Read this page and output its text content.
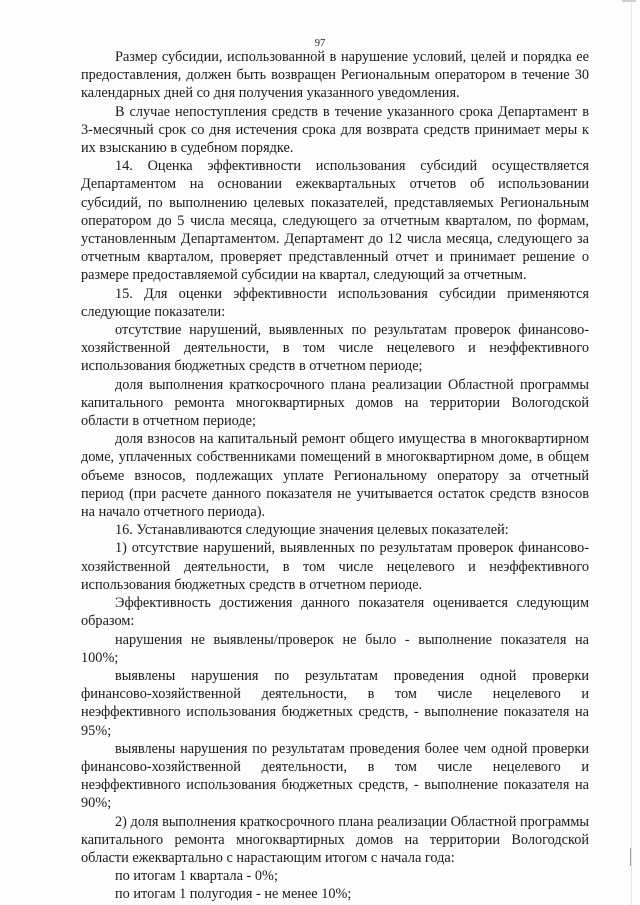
97

Размер субсидии, использованной в нарушение условий, целей и порядка ее предоставления, должен быть возвращен Региональным оператором в течение 30 календарных дней со дня получения указанного уведомления.

В случае непоступления средств в течение указанного срока Департамент в 3-месячный срок со дня истечения срока для возврата средств принимает меры к их взысканию в судебном порядке.

14. Оценка эффективности использования субсидий осуществляется Департаментом на основании ежеквартальных отчетов об использовании субсидий, по выполнению целевых показателей, представляемых Региональным оператором до 5 числа месяца, следующего за отчетным кварталом, по формам, установленным Департаментом. Департамент до 12 числа месяца, следующего за отчетным кварталом, проверяет представленный отчет и принимает решение о размере предоставляемой субсидии на квартал, следующий за отчетным.

15. Для оценки эффективности использования субсидии применяются следующие показатели:

отсутствие нарушений, выявленных по результатам проверок финансово-хозяйственной деятельности, в том числе нецелевого и неэффективного использования бюджетных средств в отчетном периоде;

доля выполнения краткосрочного плана реализации Областной программы капитального ремонта многоквартирных домов на территории Вологодской области в отчетном периоде;

доля взносов на капитальный ремонт общего имущества в многоквартирном доме, уплаченных собственниками помещений в многоквартирном доме, в общем объеме взносов, подлежащих уплате Региональному оператору за отчетный период (при расчете данного показателя не учитывается остаток средств взносов на начало отчетного периода).

16. Устанавливаются следующие значения целевых показателей:

1) отсутствие нарушений, выявленных по результатам проверок финансово-хозяйственной деятельности, в том числе нецелевого и неэффективного использования бюджетных средств в отчетном периоде.

Эффективность достижения данного показателя оценивается следующим образом:

нарушения не выявлены/проверок не было - выполнение показателя на 100%;

выявлены нарушения по результатам проведения одной проверки финансово-хозяйственной деятельности, в том числе нецелевого и неэффективного использования бюджетных средств, - выполнение показателя на 95%;

выявлены нарушения по результатам проведения более чем одной проверки финансово-хозяйственной деятельности, в том числе нецелевого и неэффективного использования бюджетных средств, - выполнение показателя на 90%;

2) доля выполнения краткосрочного плана реализации Областной программы капитального ремонта многоквартирных домов на территории Вологодской области ежеквартально с нарастающим итогом с начала года:

по итогам 1 квартала - 0%;

по итогам 1 полугодия - не менее 10%;
